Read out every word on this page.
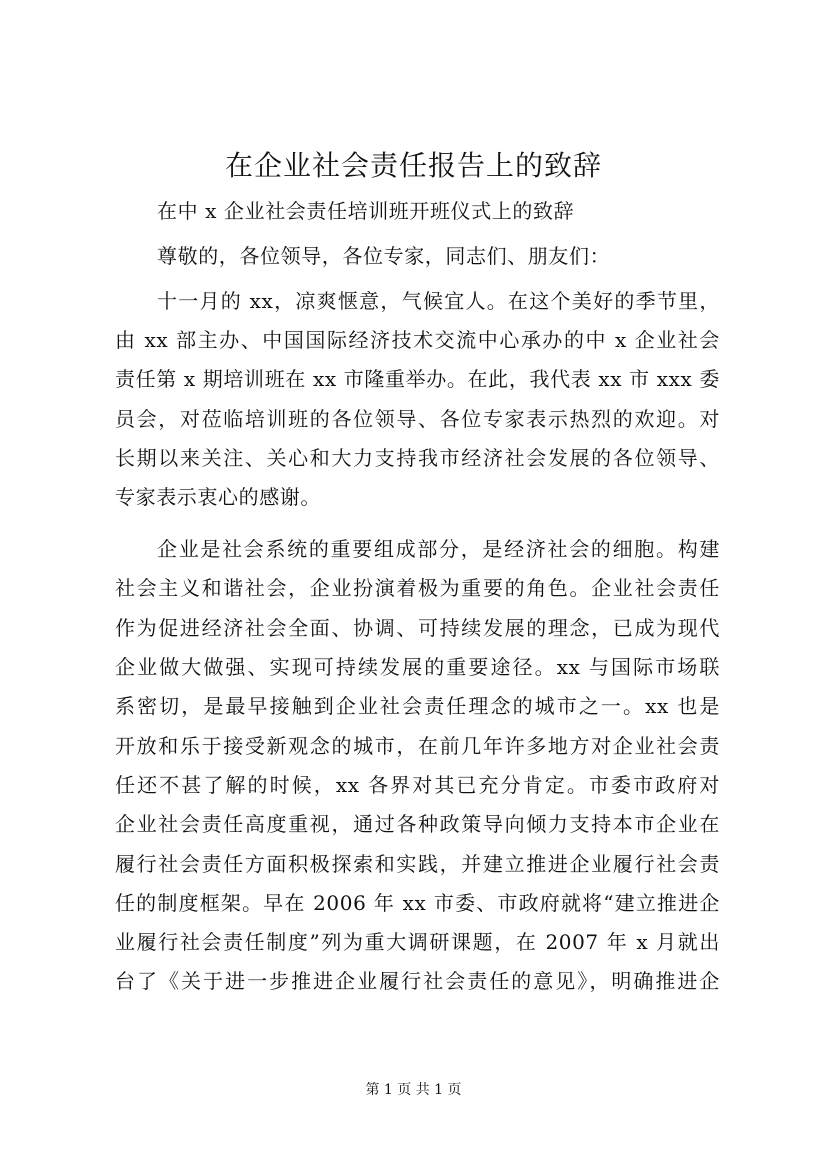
在企业社会责任报告上的致辞

在中 x 企业社会责任培训班开班仪式上的致辞

尊敬的，各位领导，各位专家，同志们、朋友们：

十一月的 xx，凉爽惬意，气候宜人。在这个美好的季节里，

由 xx 部主办、中国国际经济技术交流中心承办的中 x 企业社会

责任第 x 期培训班在 xx 市隆重举办。在此，我代表 xx 市 xxx 委

员会，对莅临培训班的各位领导、各位专家表示热烈的欢迎。对

长期以来关注、关心和大力支持我市经济社会发展的各位领导、

专家表示衷心的感谢。

企业是社会系统的重要组成部分，是经济社会的细胞。构建

社会主义和谐社会，企业扮演着极为重要的角色。企业社会责任

作为促进经济社会全面、协调、可持续发展的理念，已成为现代

企业做大做强、实现可持续发展的重要途径。xx 与国际市场联

系密切，是最早接触到企业社会责任理念的城市之一。xx 也是

开放和乐于接受新观念的城市，在前几年许多地方对企业社会责

任还不甚了解的时候，xx 各界对其已充分肯定。市委市政府对

企业社会责任高度重视，通过各种政策导向倾力支持本市企业在

履行社会责任方面积极探索和实践，并建立推进企业履行社会责

任的制度框架。早在 2006 年 xx 市委、市政府就将“建立推进企

业履行社会责任制度”列为重大调研课题，在 2007 年 x 月就出

台了《关于进一步推进企业履行社会责任的意见》，明确推进企

第 1 页 共 1 页
